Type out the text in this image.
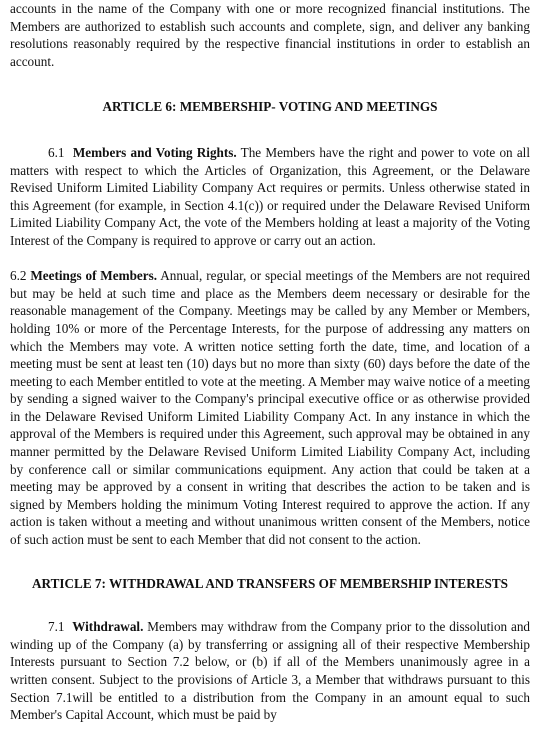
accounts in the name of the Company with one or more recognized financial institutions. The Members are authorized to establish such accounts and complete, sign, and deliver any banking resolutions reasonably required by the respective financial institutions in order to establish an account.

ARTICLE 6: MEMBERSHIP- VOTING AND MEETINGS

6.1 Members and Voting Rights. The Members have the right and power to vote on all matters with respect to which the Articles of Organization, this Agreement, or the Delaware Revised Uniform Limited Liability Company Act requires or permits. Unless otherwise stated in this Agreement (for example, in Section 4.1(c)) or required under the Delaware Revised Uniform Limited Liability Company Act, the vote of the Members holding at least a majority of the Voting Interest of the Company is required to approve or carry out an action.

6.2 Meetings of Members. Annual, regular, or special meetings of the Members are not required but may be held at such time and place as the Members deem necessary or desirable for the reasonable management of the Company. Meetings may be called by any Member or Members, holding 10% or more of the Percentage Interests, for the purpose of addressing any matters on which the Members may vote. A written notice setting forth the date, time, and location of a meeting must be sent at least ten (10) days but no more than sixty (60) days before the date of the meeting to each Member entitled to vote at the meeting. A Member may waive notice of a meeting by sending a signed waiver to the Company's principal executive office or as otherwise provided in the Delaware Revised Uniform Limited Liability Company Act. In any instance in which the approval of the Members is required under this Agreement, such approval may be obtained in any manner permitted by the Delaware Revised Uniform Limited Liability Company Act, including by conference call or similar communications equipment. Any action that could be taken at a meeting may be approved by a consent in writing that describes the action to be taken and is signed by Members holding the minimum Voting Interest required to approve the action. If any action is taken without a meeting and without unanimous written consent of the Members, notice of such action must be sent to each Member that did not consent to the action.

ARTICLE 7: WITHDRAWAL AND TRANSFERS OF MEMBERSHIP INTERESTS

7.1 Withdrawal. Members may withdraw from the Company prior to the dissolution and winding up of the Company (a) by transferring or assigning all of their respective Membership Interests pursuant to Section 7.2 below, or (b) if all of the Members unanimously agree in a written consent. Subject to the provisions of Article 3, a Member that withdraws pursuant to this Section 7.1will be entitled to a distribution from the Company in an amount equal to such Member's Capital Account, which must be paid by
